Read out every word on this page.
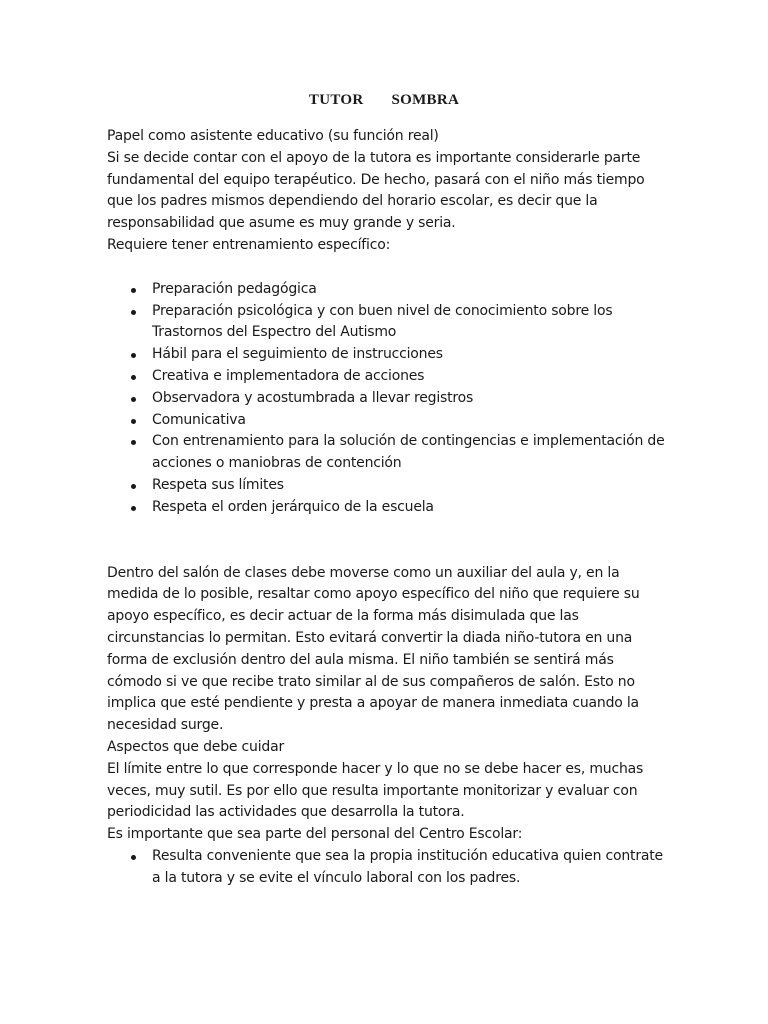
TUTOR SOMBRA

Papel como asistente educativo (su función real)

Si se decide contar con el apoyo de la tutora es importante considerarle parte fundamental del equipo terapéutico. De hecho, pasará con el niño más tiempo que los padres mismos dependiendo del horario escolar, es decir que la responsabilidad que asume es muy grande y seria.

Requiere tener entrenamiento específico:

Preparación pedagógica
Preparación psicológica y con buen nivel de conocimiento sobre los Trastornos del Espectro del Autismo
Hábil para el seguimiento de instrucciones
Creativa e implementadora de acciones
Observadora y acostumbrada a llevar registros
Comunicativa
Con entrenamiento para la solución de contingencias e implementación de acciones o maniobras de contención
Respeta sus límites
Respeta el orden jerárquico de la escuela

Dentro del salón de clases debe moverse como un auxiliar del aula y, en la medida de lo posible, resaltar como apoyo específico del niño que requiere su apoyo específico, es decir actuar de la forma más disimulada que las circunstancias lo permitan. Esto evitará convertir la diada niño-tutora en una forma de exclusión dentro del aula misma. El niño también se sentirá más cómodo si ve que recibe trato similar al de sus compañeros de salón. Esto no implica que esté pendiente y presta a apoyar de manera inmediata cuando la necesidad surge.

Aspectos que debe cuidar

El límite entre lo que corresponde hacer y lo que no se debe hacer es, muchas veces, muy sutil. Es por ello que resulta importante monitorizar y evaluar con periodicidad las actividades que desarrolla la tutora.

Es importante que sea parte del personal del Centro Escolar:

Resulta conveniente que sea la propia institución educativa quien contrate a la tutora y se evite el vínculo laboral con los padres.
